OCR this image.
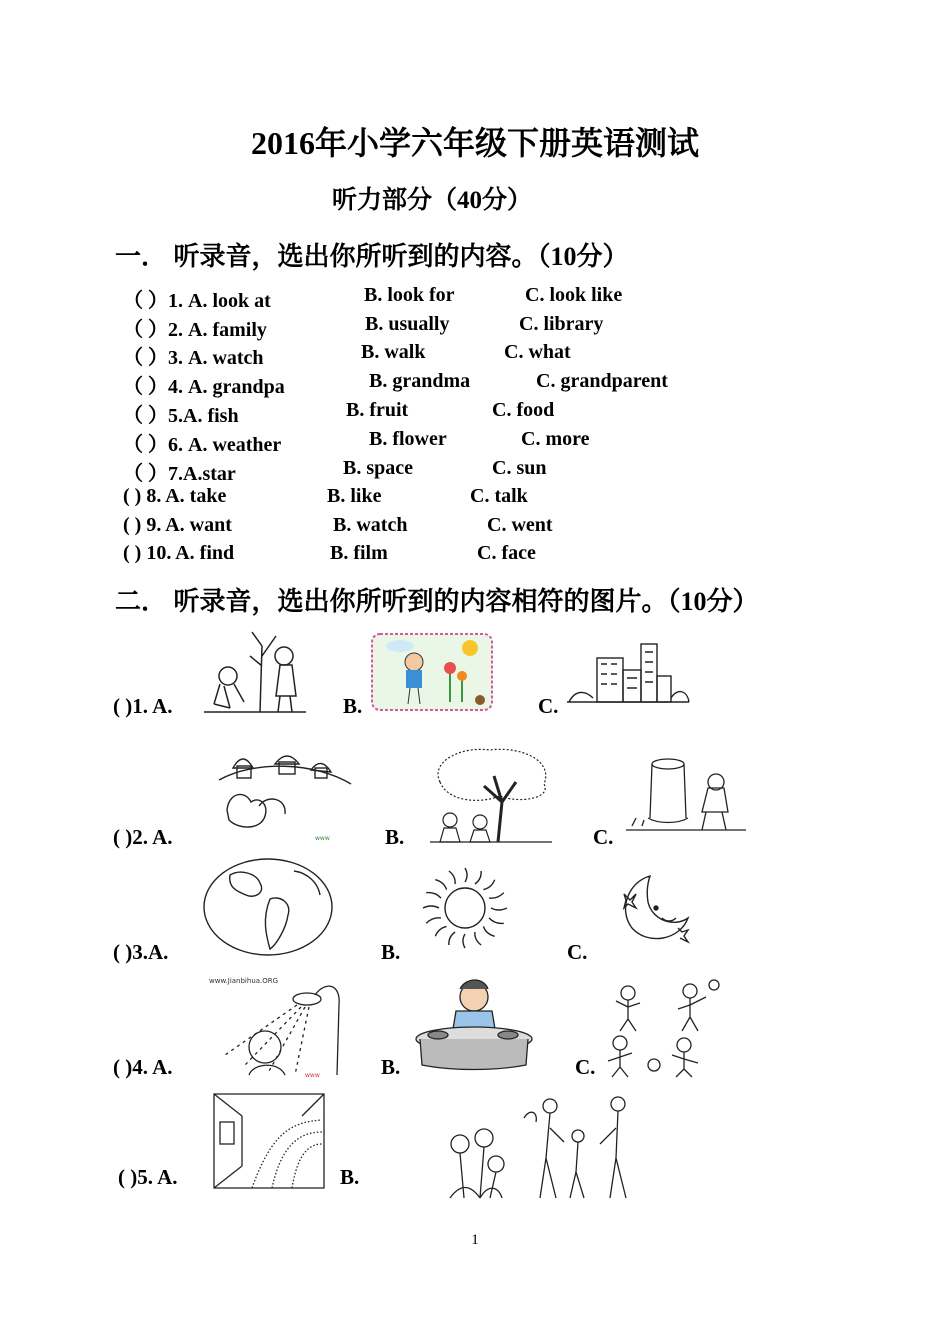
2016年小学六年级下册英语测试
听力部分（40分）
一． 听录音，选出你所听到的内容。（10分）
（ ）1. A. look at	B. look for	C. look like
（ ）2. A. family	B. usually	C. library
（ ）3. A. watch	B. walk	C. what
（ ）4. A. grandpa	B. grandma	C. grandparent
（ ）5.A. fish	B. fruit	C. food
（ ）6. A. weather	B. flower	C. more
（ ）7.A.star	B. space	C. sun
( ) 8. A. take	B. like	C. talk
( ) 9. A. want	B. watch	C. went
( ) 10. A. find	B. film	C. face
二． 听录音，选出你所听到的内容相符的图片。（10分）
( )1. A.	B.	C.
( )2. A.	B.	C.
( )3.A.	B.	C.
( )4. A.	B.	C.
( )5. A.	B.
www
www.Jianbihua.ORG
www
1
